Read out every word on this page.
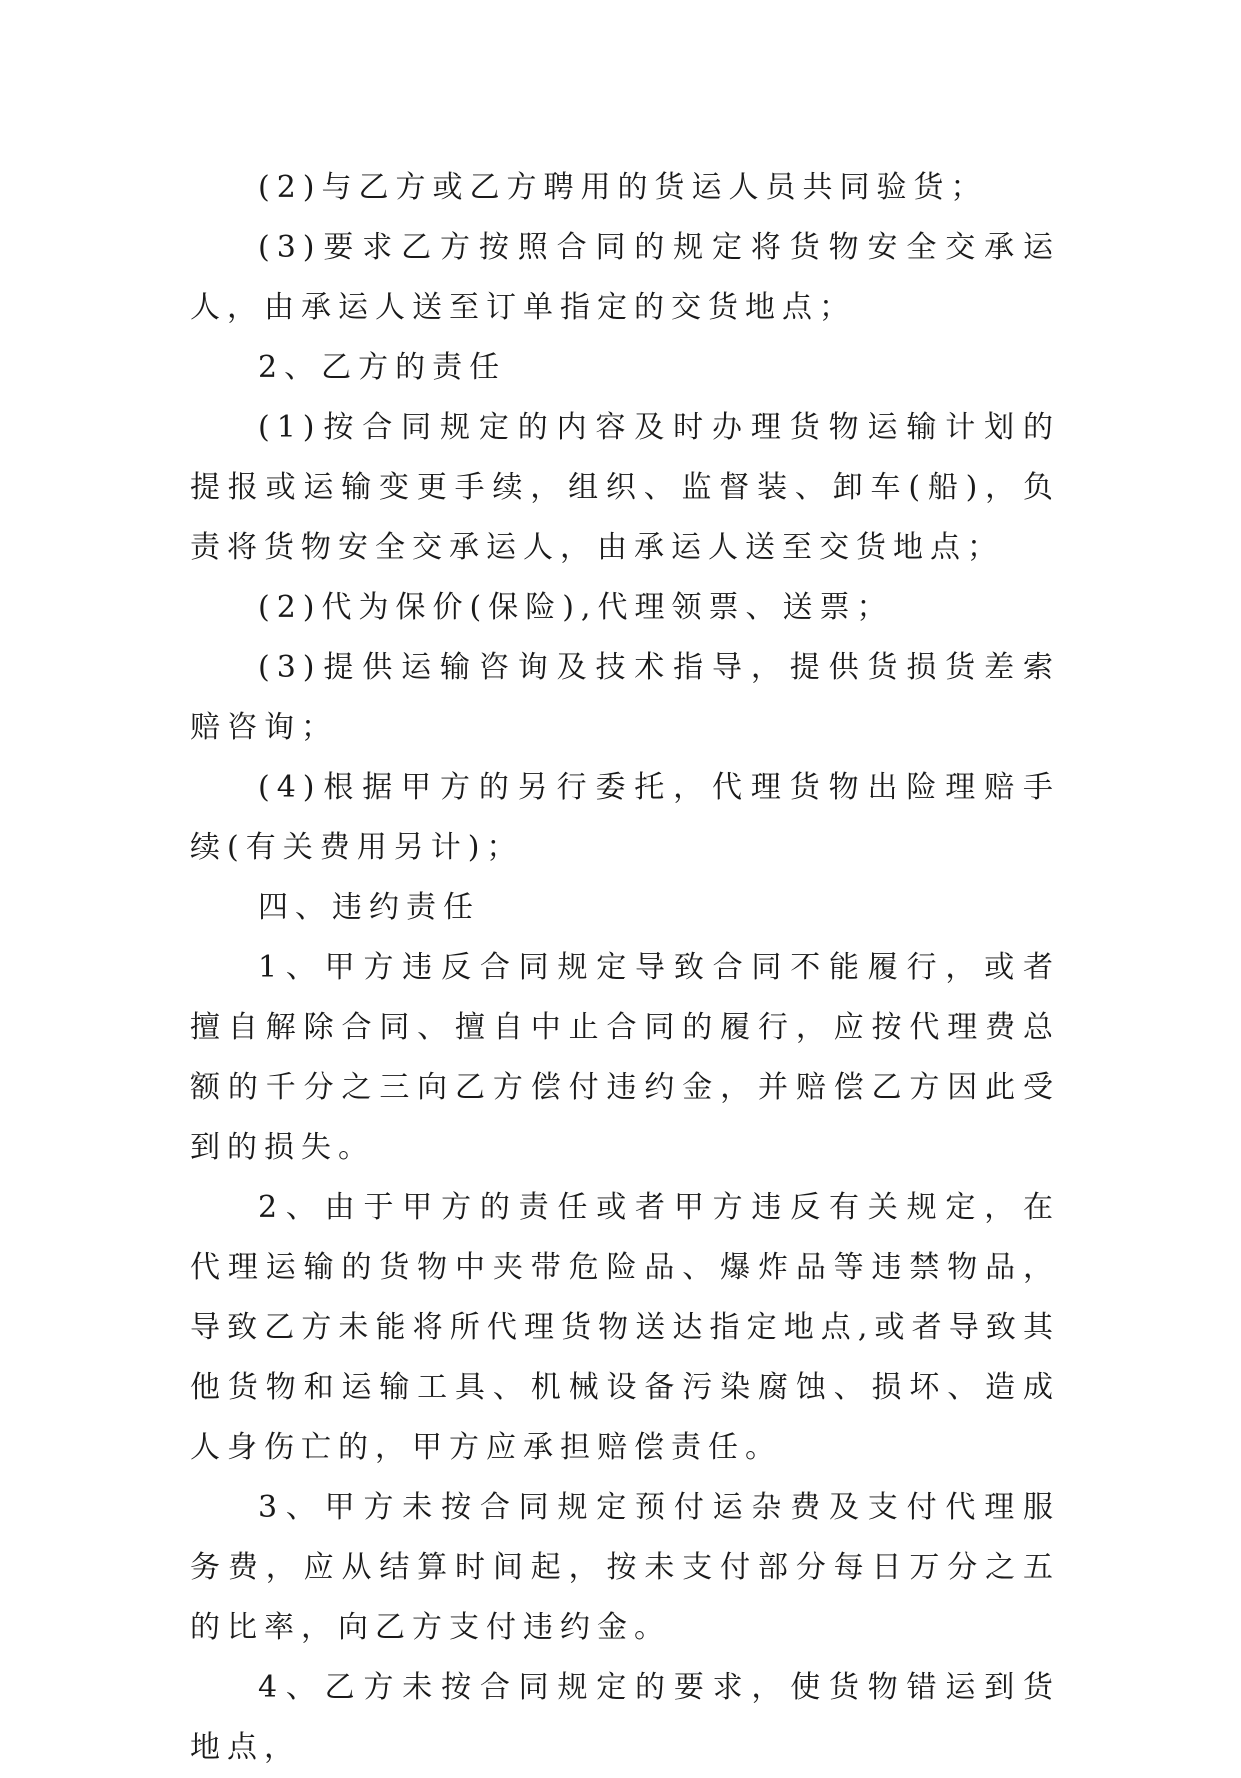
(2)与乙方或乙方聘用的货运人员共同验货；

(3)要求乙方按照合同的规定将货物安全交承运人，由承运人送至订单指定的交货地点；

2、乙方的责任

(1)按合同规定的内容及时办理货物运输计划的提报或运输变更手续，组织、监督装、卸车(船)，负责将货物安全交承运人，由承运人送至交货地点；

(2)代为保价(保险),代理领票、送票；

(3)提供运输咨询及技术指导，提供货损货差索赔咨询；

(4)根据甲方的另行委托，代理货物出险理赔手续(有关费用另计)；

四、违约责任

1、甲方违反合同规定导致合同不能履行，或者擅自解除合同、擅自中止合同的履行，应按代理费总额的千分之三向乙方偿付违约金，并赔偿乙方因此受到的损失。

2、由于甲方的责任或者甲方违反有关规定，在代理运输的货物中夹带危险品、爆炸品等违禁物品，导致乙方未能将所代理货物送达指定地点,或者导致其他货物和运输工具、机械设备污染腐蚀、损坏、造成人身伤亡的，甲方应承担赔偿责任。

3、甲方未按合同规定预付运杂费及支付代理服务费，应从结算时间起，按未支付部分每日万分之五的比率，向乙方支付违约金。

4、乙方未按合同规定的要求，使货物错运到货地点，
